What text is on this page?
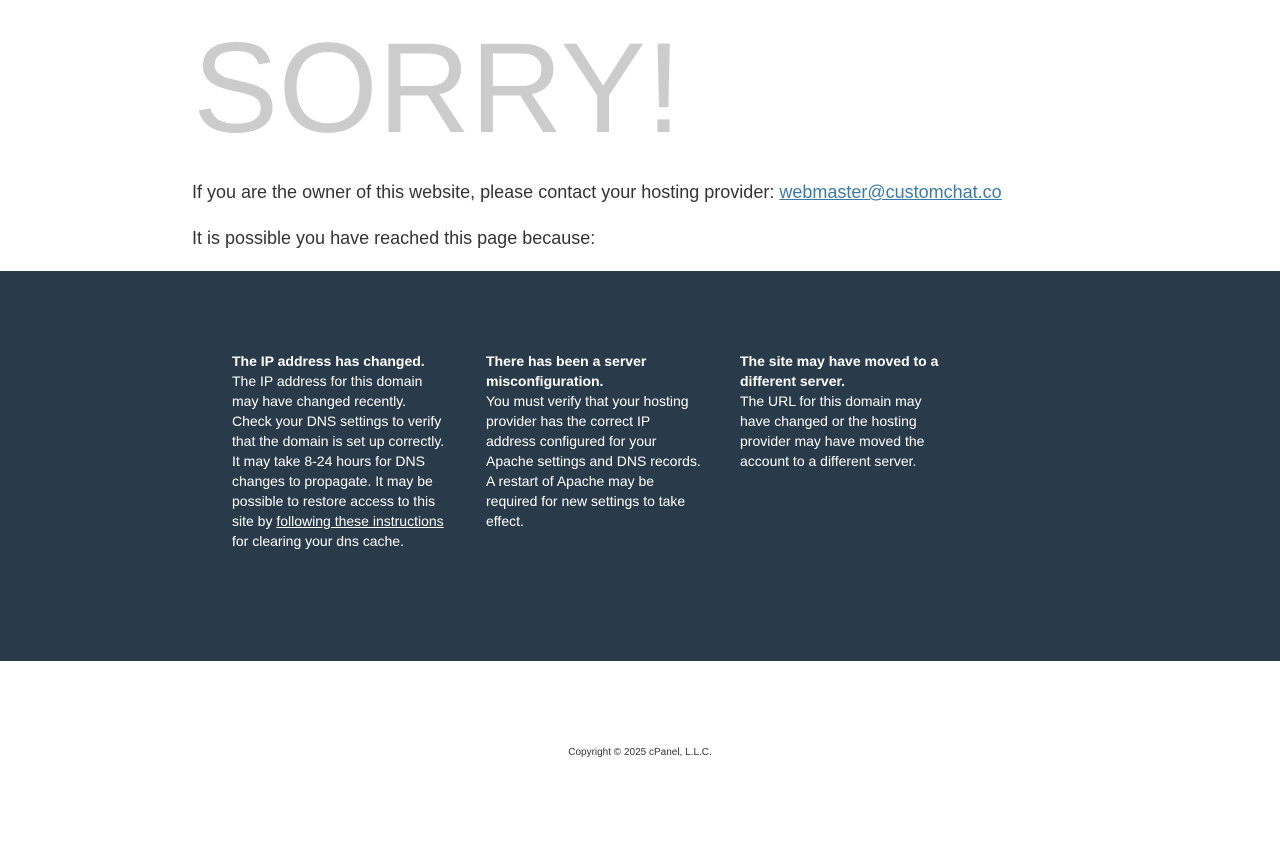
SORRY!
If you are the owner of this website, please contact your hosting provider: webmaster@customchat.co
It is possible you have reached this page because:
The IP address has changed.
The IP address for this domain may have changed recently. Check your DNS settings to verify that the domain is set up correctly. It may take 8-24 hours for DNS changes to propagate. It may be possible to restore access to this site by following these instructions for clearing your dns cache.
There has been a server misconfiguration.
You must verify that your hosting provider has the correct IP address configured for your Apache settings and DNS records. A restart of Apache may be required for new settings to take effect.
The site may have moved to a different server.
The URL for this domain may have changed or the hosting provider may have moved the account to a different server.
Copyright © 2025 cPanel, L.L.C.
